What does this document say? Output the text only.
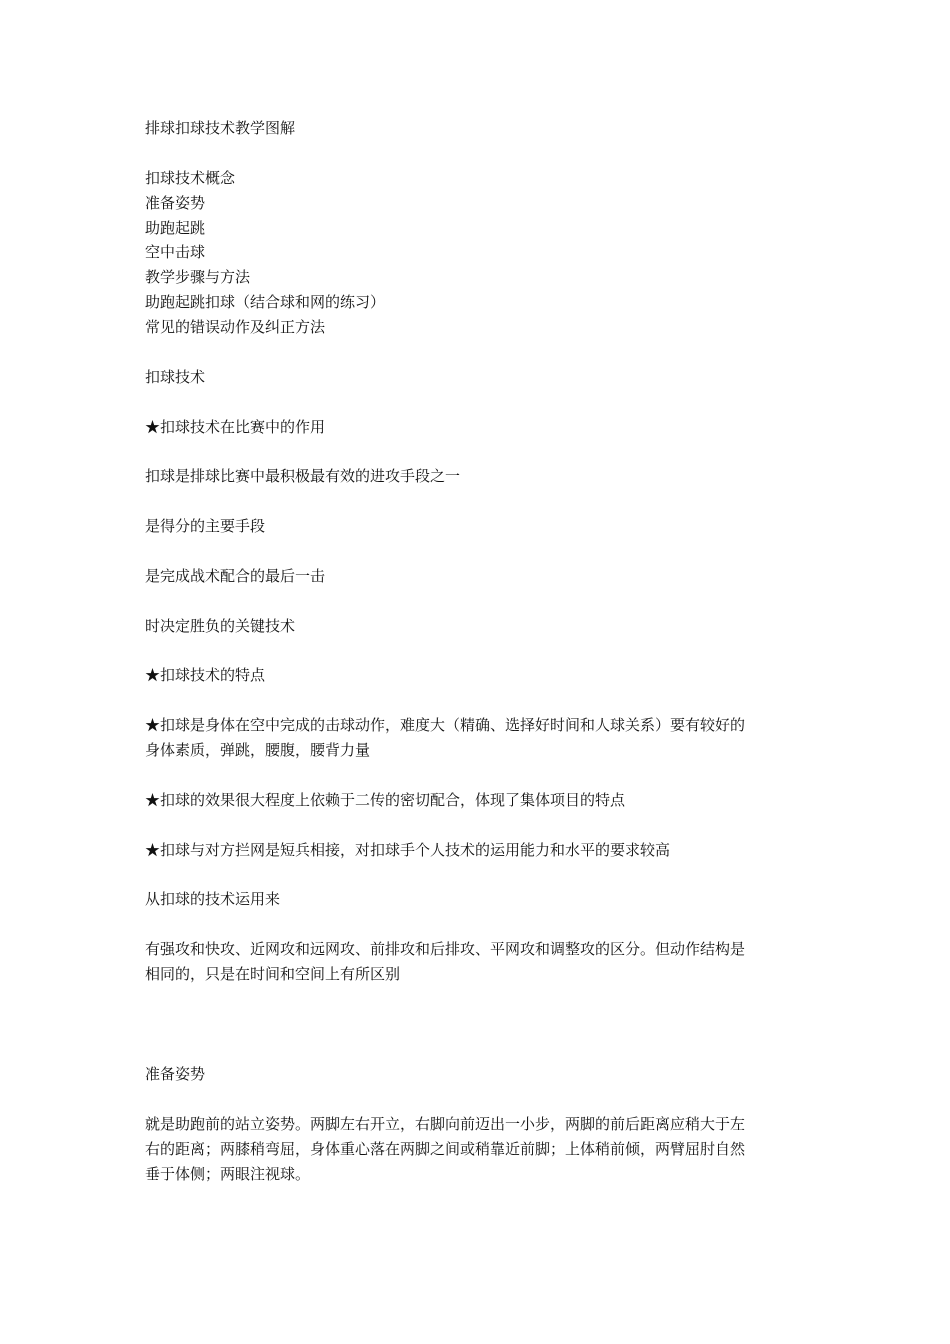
排球扣球技术教学图解
扣球技术概念
准备姿势
助跑起跳
空中击球
教学步骤与方法
助跑起跳扣球（结合球和网的练习）
常见的错误动作及纠正方法
扣球技术
★扣球技术在比赛中的作用
扣球是排球比赛中最积极最有效的进攻手段之一
是得分的主要手段
是完成战术配合的最后一击
时决定胜负的关键技术
★扣球技术的特点
★扣球是身体在空中完成的击球动作，难度大（精确、选择好时间和人球关系）要有较好的
身体素质，弹跳，腰腹，腰背力量
★扣球的效果很大程度上依赖于二传的密切配合，体现了集体项目的特点
★扣球与对方拦网是短兵相接，对扣球手个人技术的运用能力和水平的要求较高
从扣球的技术运用来
有强攻和快攻、近网攻和远网攻、前排攻和后排攻、平网攻和调整攻的区分。但动作结构是
相同的，只是在时间和空间上有所区别
准备姿势
就是助跑前的站立姿势。两脚左右开立，右脚向前迈出一小步，两脚的前后距离应稍大于左
右的距离；两膝稍弯屈，身体重心落在两脚之间或稍靠近前脚；上体稍前倾，两臂屈肘自然
垂于体侧；两眼注视球。
